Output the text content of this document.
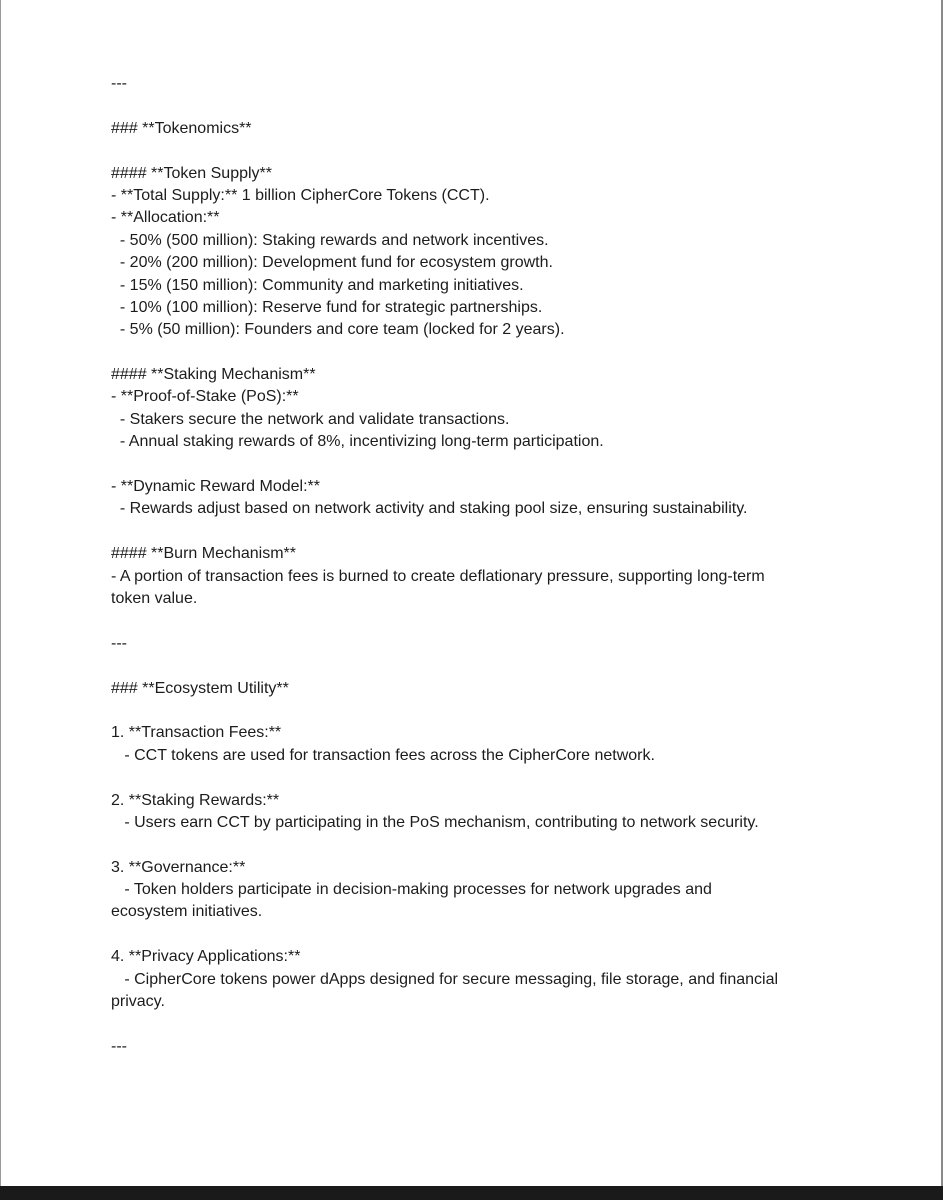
---

### **Tokenomics**

#### **Token Supply**

- **Total Supply:** 1 billion CipherCore Tokens (CCT).

- **Allocation:**

- 50% (500 million): Staking rewards and network incentives.

- 20% (200 million): Development fund for ecosystem growth.

- 15% (150 million): Community and marketing initiatives.

- 10% (100 million): Reserve fund for strategic partnerships.

- 5% (50 million): Founders and core team (locked for 2 years).

#### **Staking Mechanism**

- **Proof-of-Stake (PoS):**

- Stakers secure the network and validate transactions.

- Annual staking rewards of 8%, incentivizing long-term participation.

- **Dynamic Reward Model:**

- Rewards adjust based on network activity and staking pool size, ensuring sustainability.

#### **Burn Mechanism**

- A portion of transaction fees is burned to create deflationary pressure, supporting long-term

token value.

---

### **Ecosystem Utility**

1. **Transaction Fees:**

- CCT tokens are used for transaction fees across the CipherCore network.

2. **Staking Rewards:**

- Users earn CCT by participating in the PoS mechanism, contributing to network security.

3. **Governance:**

- Token holders participate in decision-making processes for network upgrades and

ecosystem initiatives.

4. **Privacy Applications:**

- CipherCore tokens power dApps designed for secure messaging, file storage, and financial

privacy.

---
